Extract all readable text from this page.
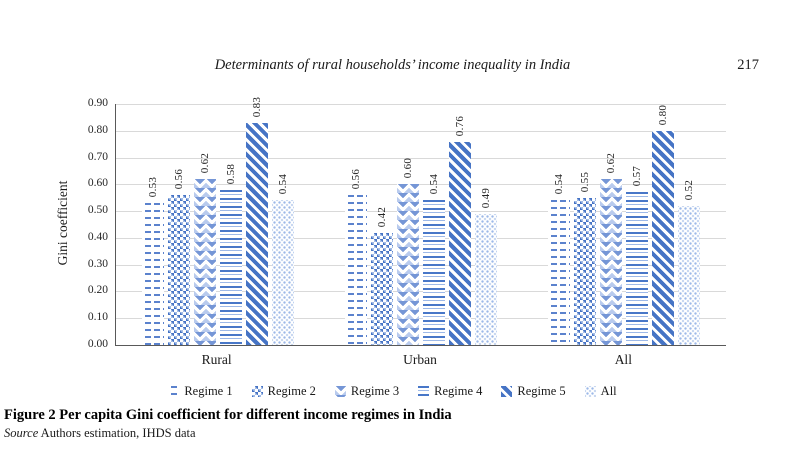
Determinants of rural households’ income inequality in India	217
Gini coefficient
0.00
0.10
0.20
0.30
0.40
0.50
0.60
0.70
0.80
0.90
0.53 0.56
0.62
0.58
0.83
0.54	0.56
0.42
0.60
0.54
0.76
0.49
0.54 0.55
0.62
0.57
0.80
0.52
Rural	Urban	All
Regime 1	Regime 2	Regime 3	Regime 4	Regime 5	All
Figure 2 Per capita Gini coefficient for different income regimes in India
Source Authors estimation, IHDS data
